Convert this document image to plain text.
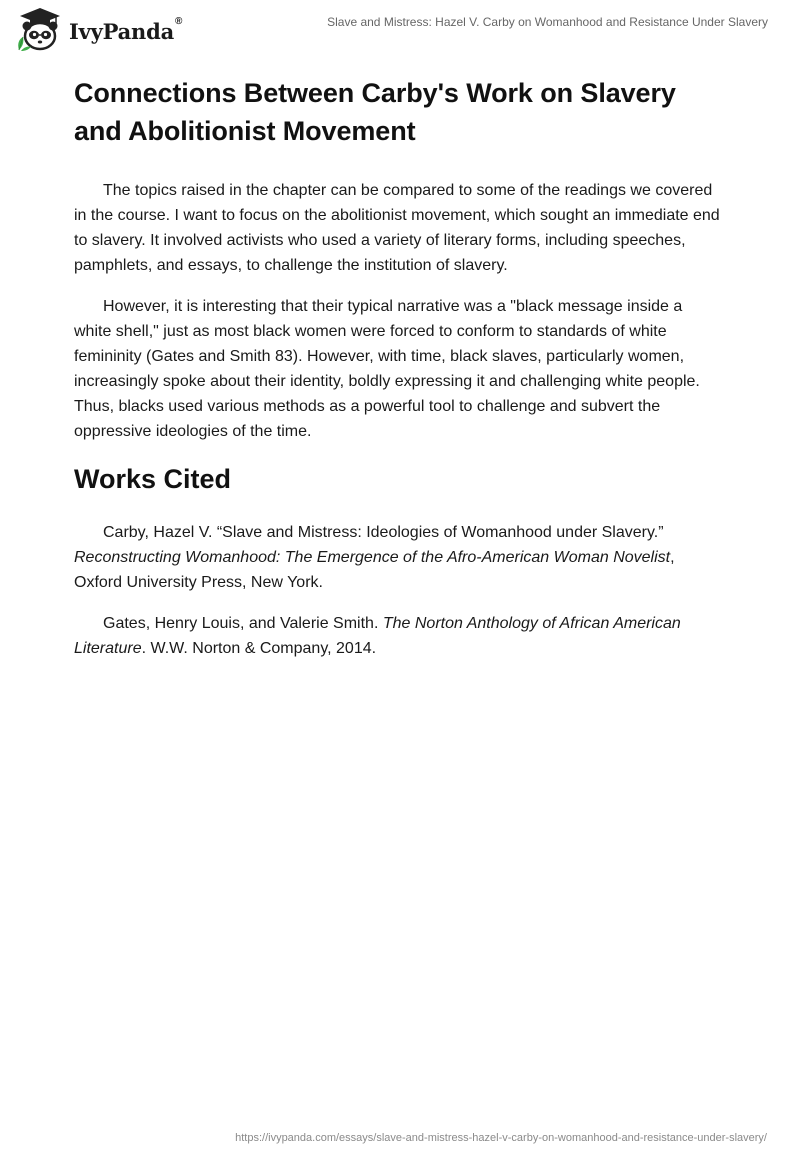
IvyPanda®	Slave and Mistress: Hazel V. Carby on Womanhood and Resistance Under Slavery
Connections Between Carby's Work on Slavery and Abolitionist Movement

The topics raised in the chapter can be compared to some of the readings we covered in the course. I want to focus on the abolitionist movement, which sought an immediate end to slavery. It involved activists who used a variety of literary forms, including speeches, pamphlets, and essays, to challenge the institution of slavery.

However, it is interesting that their typical narrative was a "black message inside a white shell," just as most black women were forced to conform to standards of white femininity (Gates and Smith 83). However, with time, black slaves, particularly women, increasingly spoke about their identity, boldly expressing it and challenging white people. Thus, blacks used various methods as a powerful tool to challenge and subvert the oppressive ideologies of the time.

Works Cited

Carby, Hazel V. “Slave and Mistress: Ideologies of Womanhood under Slavery.” Reconstructing Womanhood: The Emergence of the Afro-American Woman Novelist, Oxford University Press, New York.

Gates, Henry Louis, and Valerie Smith. The Norton Anthology of African American Literature. W.W. Norton & Company, 2014.

https://ivypanda.com/essays/slave-and-mistress-hazel-v-carby-on-womanhood-and-resistance-under-slavery/
